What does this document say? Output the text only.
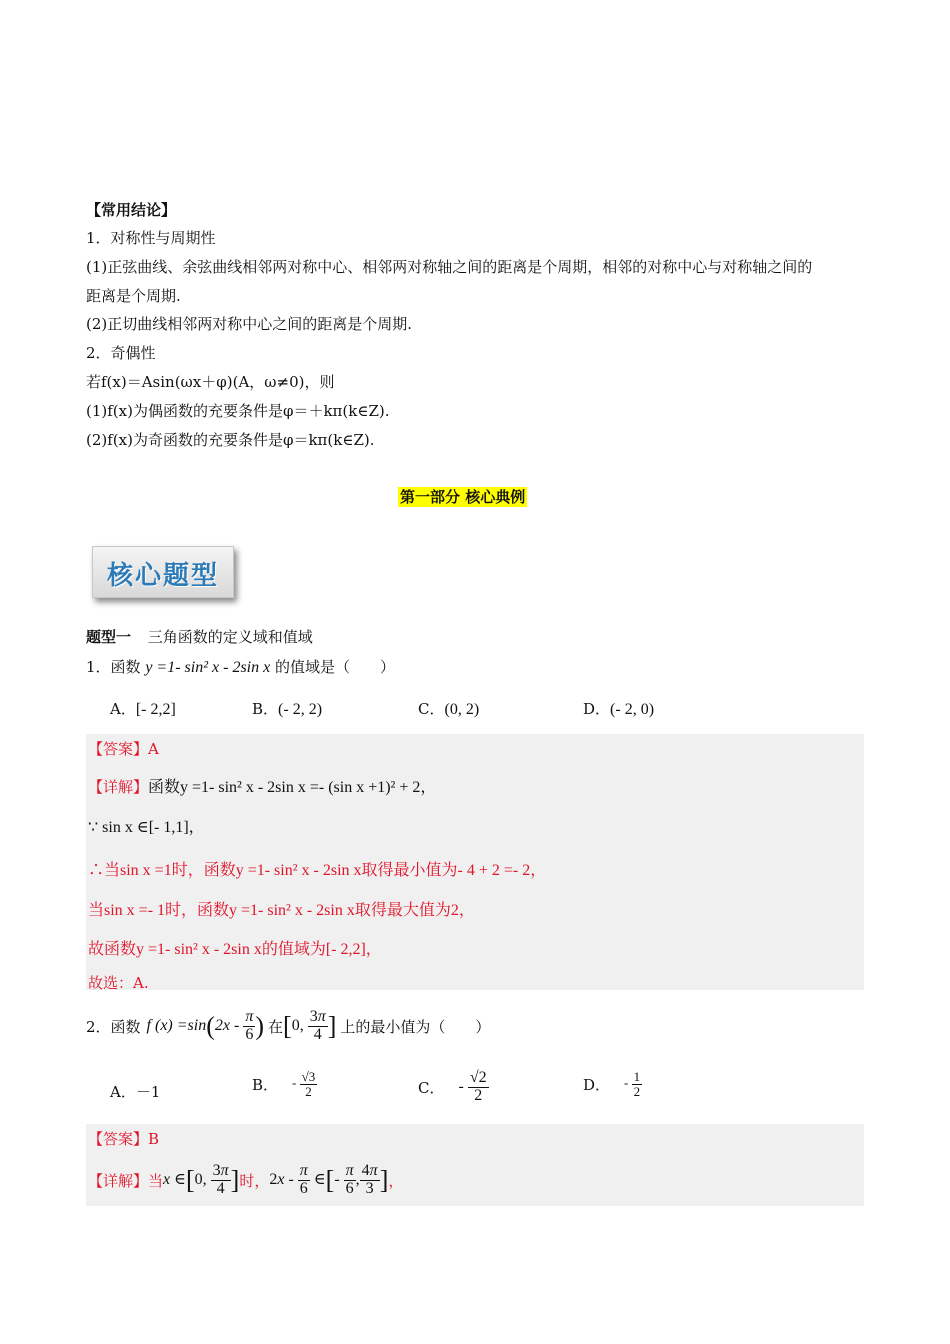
【常用结论】
1．对称性与周期性
(1)正弦曲线、余弦曲线相邻两对称中心、相邻两对称轴之间的距离是个周期，相邻的对称中心与对称轴之间的
距离是个周期.
(2)正切曲线相邻两对称中心之间的距离是个周期.
2．奇偶性
若f(x)＝Asin(ωx＋φ)(A，ω≠0)，则
(1)f(x)为偶函数的充要条件是φ＝＋kπ(k∈Z).
(2)f(x)为奇函数的充要条件是φ＝kπ(k∈Z).
第一部分 核心典例
核心题型
题型一 三角函数的定义域和值域
1．函数 y =1- sin² x - 2sin x 的值域是（　　）
A．[- 2,2]	B．(- 2, 2)	C．(0, 2)	D．(- 2, 0)
【答案】A
【详解】函数y =1- sin² x - 2sin x =- (sin x +1)² + 2，
∵ sin x ∈[- 1,1]，
∴当sin x =1时，函数y =1- sin² x - 2sin x取得最小值为- 4 + 2 =- 2，
当sin x =- 1时，函数y =1- sin² x - 2sin x取得最大值为2，
故函数y =1- sin² x - 2sin x的值域为[- 2,2]，
故选：A.
2．函数 f (x) =sin ($2x - \frac{\pi}{6}$ ) 在 [0, $\frac{3\pi}{4}$ ] 上的最小值为（　　）
A．－1	B． - $\frac{√3}{2}$	C． - $\frac{√2}{2}$	D． - $\frac{1}{2}$
【答案】B
【详解】 当 x ∈[0, $\frac{3\pi}{4}$ ] 时， $2x - \frac{\pi}{6}$ ∈[- $\frac{\pi}{6}$ , $\frac{4\pi}{3}$ ] ，
